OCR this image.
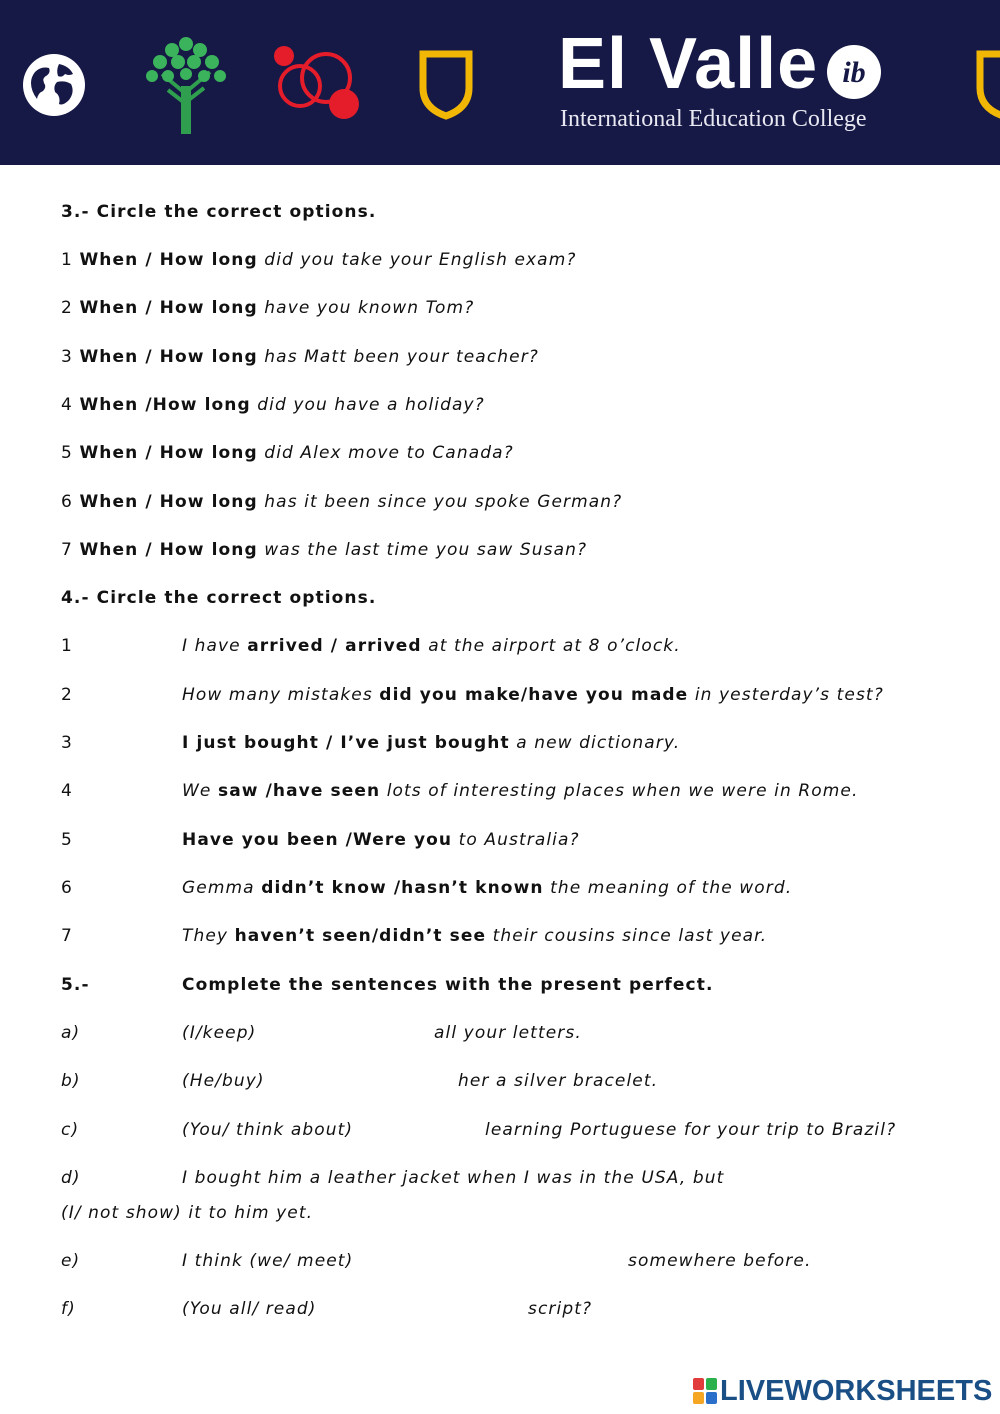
El Valle
International Education College
ib
3.- Circle the correct options.
1 When / How long did you take your English exam?
2 When / How long have you known Tom?
3 When / How long has Matt been your teacher?
4 When /How long did you have a holiday?
5 When / How long did Alex move to Canada?
6 When / How long has it been since you spoke German?
7 When / How long was the last time you saw Susan?
4.- Circle the correct options.
1	I have arrived / arrived at the airport at 8 o’clock.
2	How many mistakes did you make/have you made in yesterday’s test?
3	I just bought / I’ve just bought a new dictionary.
4	We saw /have seen lots of interesting places when we were in Rome.
5	Have you been /Were you to Australia?
6	Gemma didn’t know /hasn’t known the meaning of the word.
7	They haven’t seen/didn’t see their cousins since last year.
5.-	Complete the sentences with the present perfect.
a)	(I/keep)	all your letters.
b)	(He/buy)	her a silver bracelet.
c)	(You/ think about)	learning Portuguese for your trip to Brazil?
d)	I bought him a leather jacket when I was in the USA, but
(I/ not show) it to him yet.
e)	I think (we/ meet)	somewhere before.
f)	(You all/ read)	script?
LIVEWORKSHEETS
